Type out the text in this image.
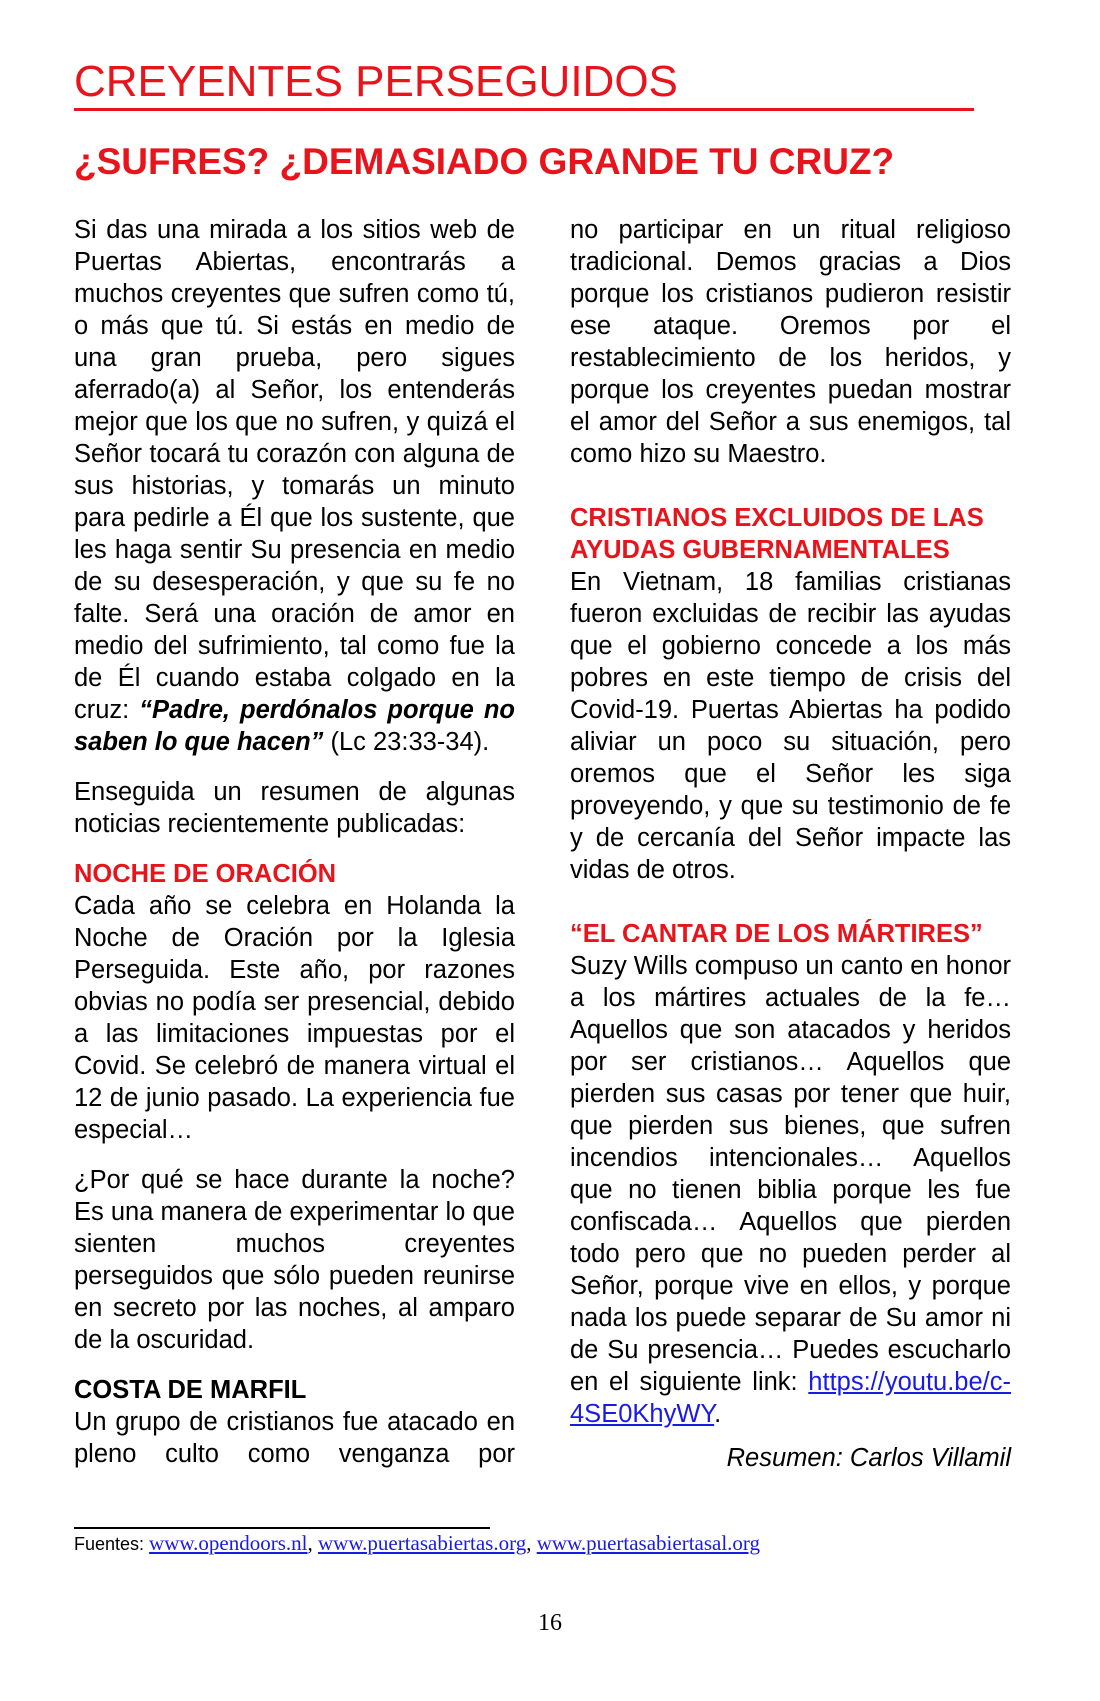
CREYENTES PERSEGUIDOS
¿SUFRES? ¿DEMASIADO GRANDE TU CRUZ?

Si das una mirada a los sitios web de Puertas Abiertas, encontrarás a muchos creyentes que sufren como tú, o más que tú. Si estás en medio de una gran prueba, pero sigues aferrado(a) al Señor, los entenderás mejor que los que no sufren, y quizá el Señor tocará tu corazón con alguna de sus historias, y tomarás un minuto para pedirle a Él que los sustente, que les haga sentir Su presencia en medio de su desesperación, y que su fe no falte. Será una oración de amor en medio del sufrimiento, tal como fue la de Él cuando estaba colgado en la cruz: “Padre, perdónalos porque no saben lo que hacen” (Lc 23:33-34).

Enseguida un resumen de algunas noticias recientemente publicadas:

NOCHE DE ORACIÓN

Cada año se celebra en Holanda la Noche de Oración por la Iglesia Perseguida. Este año, por razones obvias no podía ser presencial, debido a las limitaciones impuestas por el Covid. Se celebró de manera virtual el 12 de junio pasado. La experiencia fue especial…

¿Por qué se hace durante la noche? Es una manera de experimentar lo que sienten muchos creyentes perseguidos que sólo pueden reunirse en secreto por las noches, al amparo de la oscuridad.

COSTA DE MARFIL

Un grupo de cristianos fue atacado en pleno culto como venganza por

no participar en un ritual religioso tradicional. Demos gracias a Dios porque los cristianos pudieron resistir ese ataque. Oremos por el restablecimiento de los heridos, y porque los creyentes puedan mostrar el amor del Señor a sus enemigos, tal como hizo su Maestro.

CRISTIANOS EXCLUIDOS DE LAS AYUDAS GUBERNAMENTALES

En Vietnam, 18 familias cristianas fueron excluidas de recibir las ayudas que el gobierno concede a los más pobres en este tiempo de crisis del Covid-19. Puertas Abiertas ha podido aliviar un poco su situación, pero oremos que el Señor les siga proveyendo, y que su testimonio de fe y de cercanía del Señor impacte las vidas de otros.

“EL CANTAR DE LOS MÁRTIRES”

Suzy Wills compuso un canto en honor a los mártires actuales de la fe… Aquellos que son atacados y heridos por ser cristianos… Aquellos que pierden sus casas por tener que huir, que pierden sus bienes, que sufren incendios intencionales… Aquellos que no tienen biblia porque les fue confiscada… Aquellos que pierden todo pero que no pueden perder al Señor, porque vive en ellos, y porque nada los puede separar de Su amor ni de Su presencia… Puedes escucharlo en el siguiente link: https://youtu.be/c-4SE0KhyWY.

Resumen: Carlos Villamil

Fuentes: www.opendoors.nl, www.puertasabiertas.org, www.puertasabiertasal.org
16
